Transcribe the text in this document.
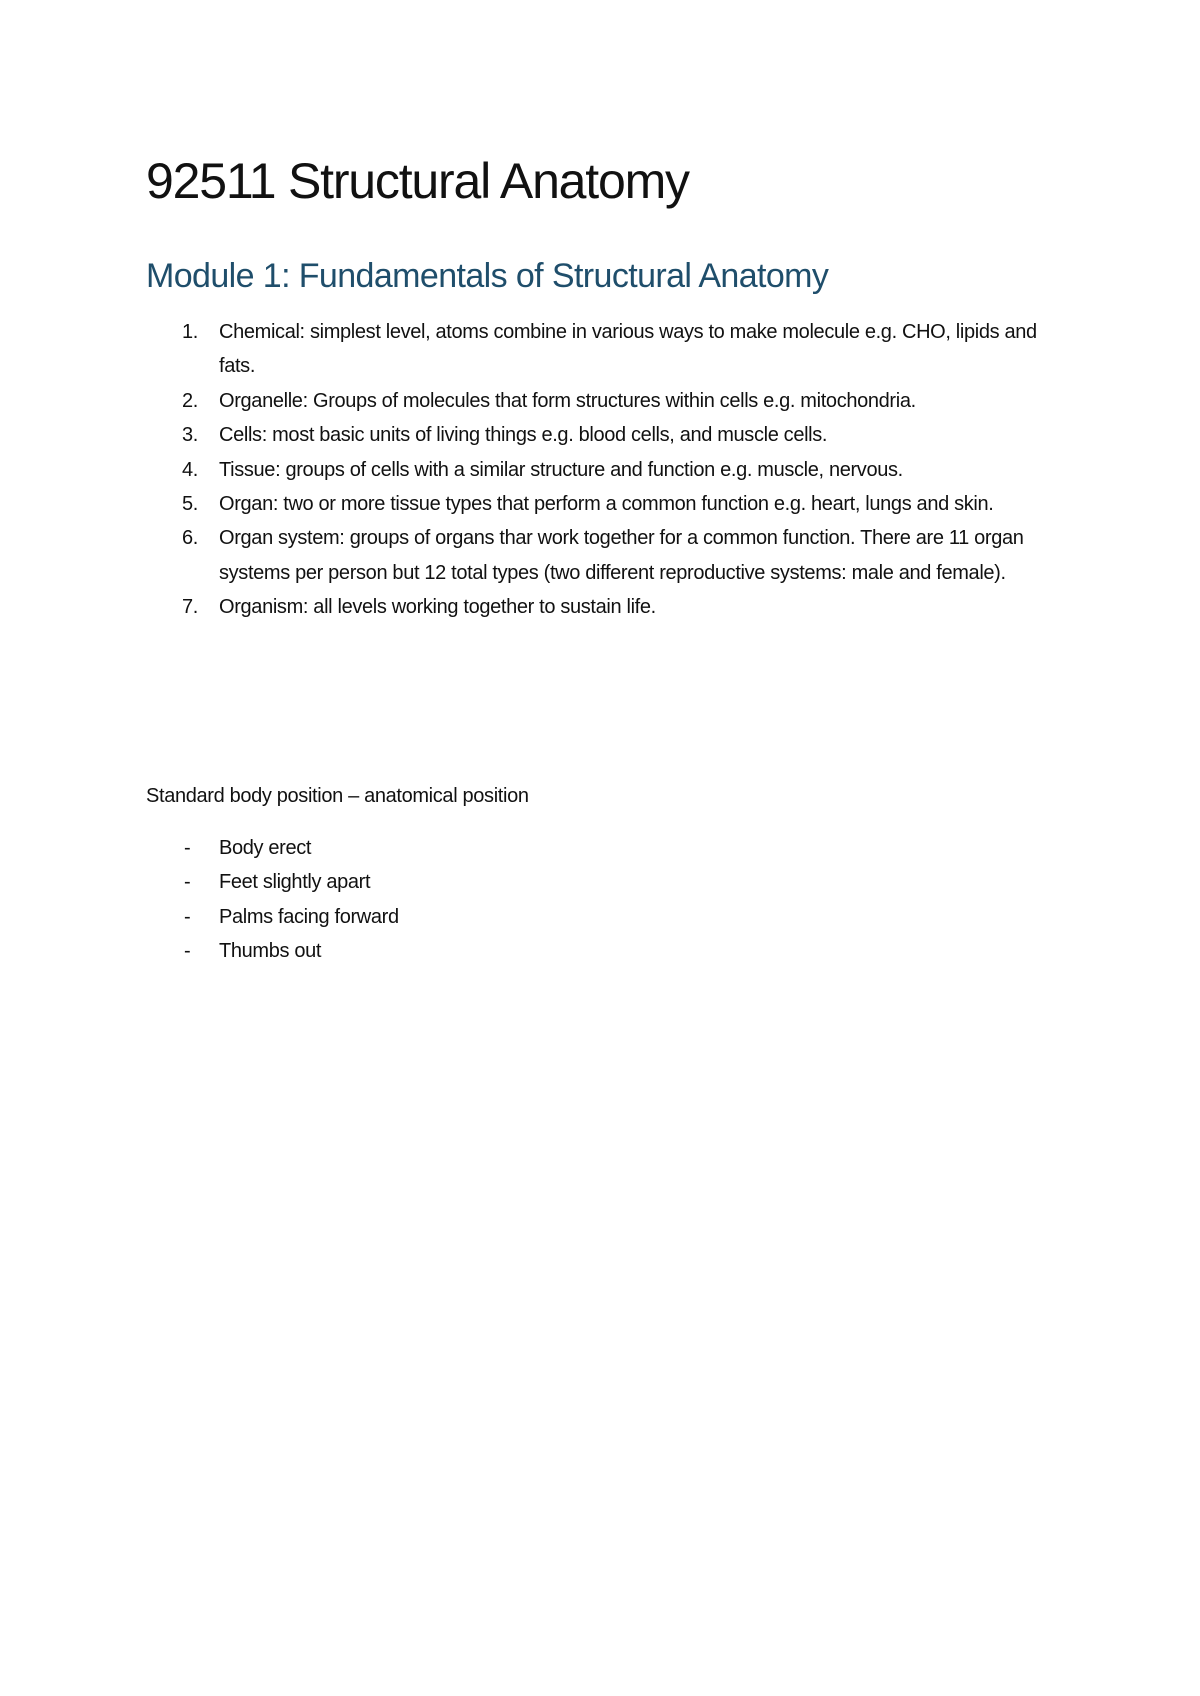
92511 Structural Anatomy
Module 1: Fundamentals of Structural Anatomy
1.	Chemical: simplest level, atoms combine in various ways to make molecule e.g. CHO, lipids and fats.
2.	Organelle: Groups of molecules that form structures within cells e.g. mitochondria.
3.	Cells: most basic units of living things e.g. blood cells, and muscle cells.
4.	Tissue: groups of cells with a similar structure and function e.g. muscle, nervous.
5.	Organ: two or more tissue types that perform a common function e.g. heart, lungs and skin.
6.	Organ system: groups of organs thar work together for a common function. There are 11 organ systems per person but 12 total types (two different reproductive systems: male and female).
7.	Organism: all levels working together to sustain life.

Standard body position – anatomical position

- Body erect
- Feet slightly apart
- Palms facing forward
- Thumbs out
